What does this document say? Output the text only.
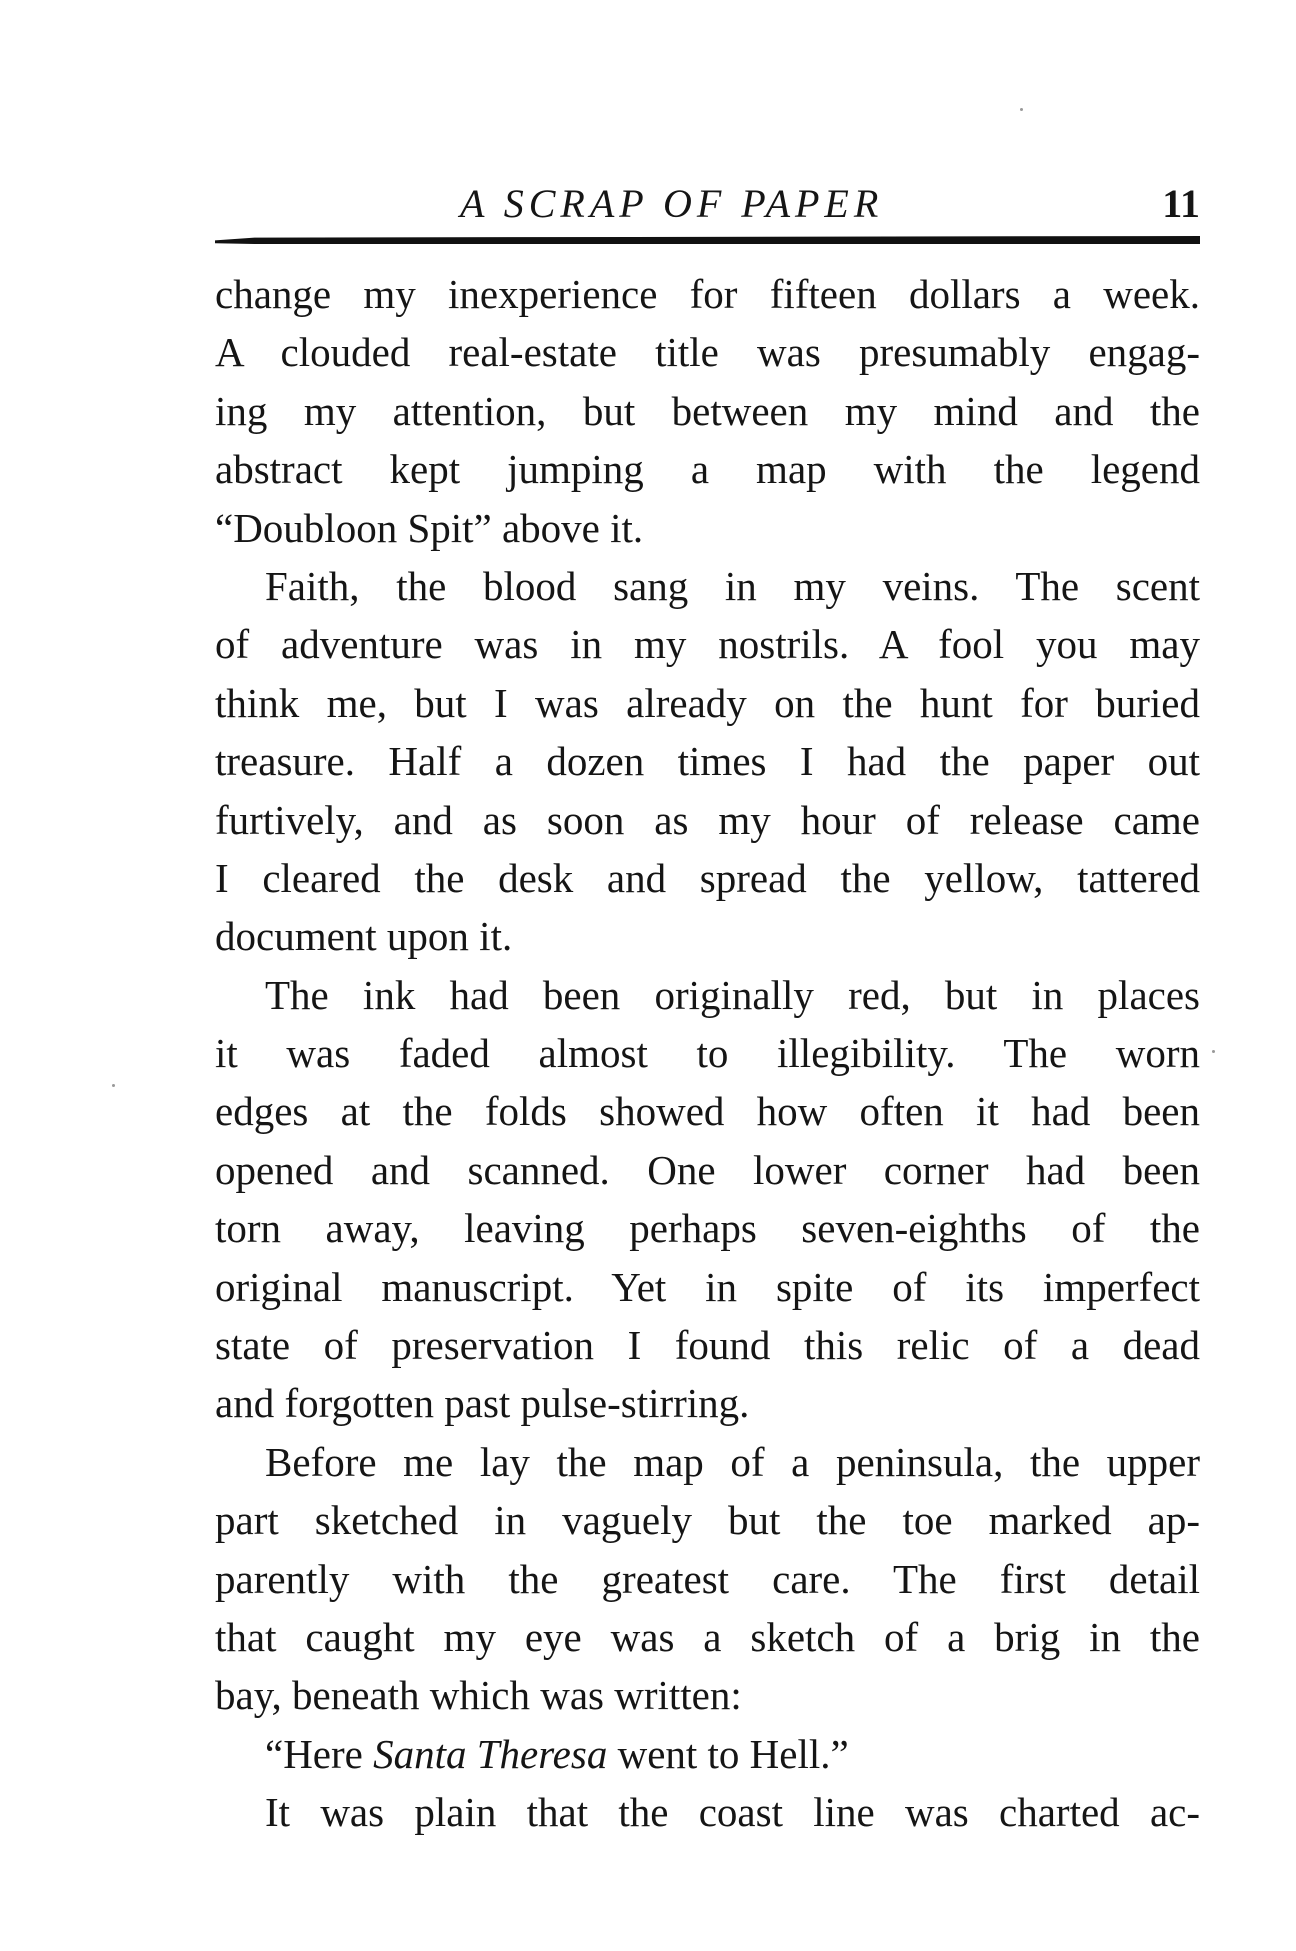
A SCRAP OF PAPER	11
change my inexperience for fifteen dollars a week.
A clouded real-estate title was presumably engag-
ing my attention, but between my mind and the
abstract kept jumping a map with the legend
“Doubloon Spit” above it.
Faith, the blood sang in my veins. The scent
of adventure was in my nostrils. A fool you may
think me, but I was already on the hunt for buried
treasure. Half a dozen times I had the paper out
furtively, and as soon as my hour of release came
I cleared the desk and spread the yellow, tattered
document upon it.
The ink had been originally red, but in places
it was faded almost to illegibility. The worn
edges at the folds showed how often it had been
opened and scanned. One lower corner had been
torn away, leaving perhaps seven-eighths of the
original manuscript. Yet in spite of its imperfect
state of preservation I found this relic of a dead
and forgotten past pulse-stirring.
Before me lay the map of a peninsula, the upper
part sketched in vaguely but the toe marked ap-
parently with the greatest care. The first detail
that caught my eye was a sketch of a brig in the
bay, beneath which was written:
“Here Santa Theresa went to Hell.”
It was plain that the coast line was charted ac-
